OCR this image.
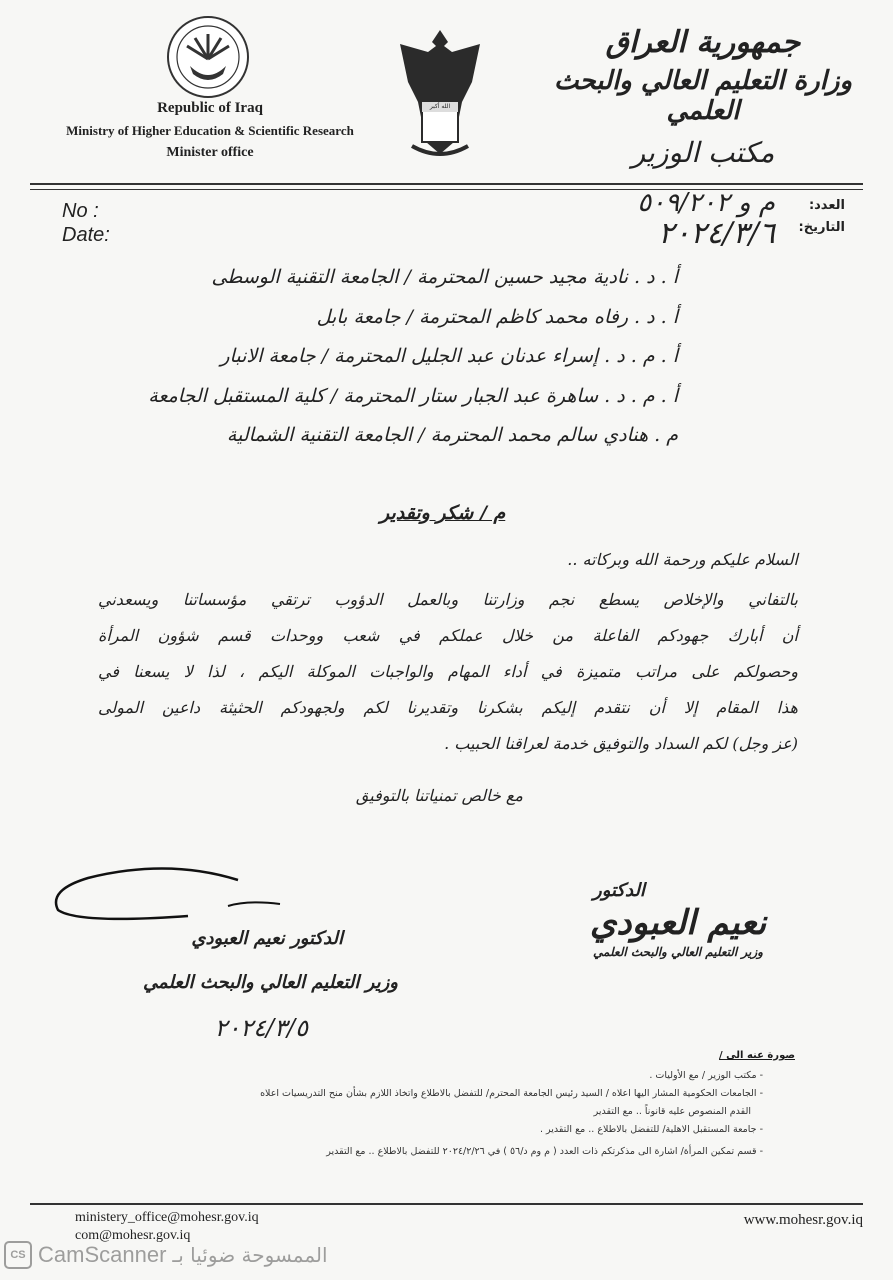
Republic of Iraq
Ministry of Higher Education & Scientific Research
Minister office
الله أكبر
جمهورية العراق
وزارة التعليم العالي والبحث العلمي
مكتب الوزير
No :
Date:
العدد:
التاريخ:
م و ٥٠٩/٢٠٢
٢٠٢٤/٣/٦
أ . د . نادية مجيد حسين المحترمة / الجامعة التقنية الوسطى
أ . د . رفاه محمد كاظم المحترمة / جامعة بابل
أ . م . د . إسراء عدنان عبد الجليل المحترمة / جامعة الانبار
أ . م . د . ساهرة عبد الجبار ستار المحترمة / كلية المستقبل الجامعة
م . هنادي سالم محمد المحترمة / الجامعة التقنية الشمالية
م / شكر وتقدير
السلام عليكم ورحمة الله وبركاته ..
بالتفاني والإخلاص يسطع نجم وزارتنا وبالعمل الدؤوب ترتقي مؤسساتنا ويسعدني
أن أبارك جهودكم الفاعلة من خلال عملكم في شعب ووحدات قسم شؤون المرأة
وحصولكم على مراتب متميزة في أداء المهام والواجبات الموكلة اليكم ، لذا لا يسعنا في
هذا المقام إلا أن نتقدم إليكم بشكرنا وتقديرنا لكم ولجهودكم الحثيثة داعين المولى
(عز وجل) لكم السداد والتوفيق خدمة لعراقنا الحبيب .
مع خالص تمنياتنا بالتوفيق
الدكتور نعيم العبودي
وزير التعليم العالي والبحث العلمي
٢٠٢٤/٣/٥
الدكتور
نعيم العبودي
وزير التعليم العالي والبحث العلمي
صورة عنه الى /
- مكتب الوزير / مع الأوليات .
- الجامعات الحكومية المشار اليها اعلاه / السيد رئيس الجامعة المحترم/ للتفضل بالاطلاع واتخاذ اللازم بشأن منح التدريسيات اعلاه
القدم المنصوص عليه قانوناً .. مع التقدير
- جامعة المستقبل الاهلية/ للتفضل بالاطلاع .. مع التقدير .
- قسم تمكين المرأة/ اشارة الى مذكرتكم ذات العدد ( م وم د/٥٦ ) في ٢٠٢٤/٢/٢٦ للتفضل بالاطلاع .. مع التقدير
ministery_office@mohesr.gov.iq
com@mohesr.gov.iq
www.mohesr.gov.iq
CS CamScanner الممسوحة ضوئيا بـ
